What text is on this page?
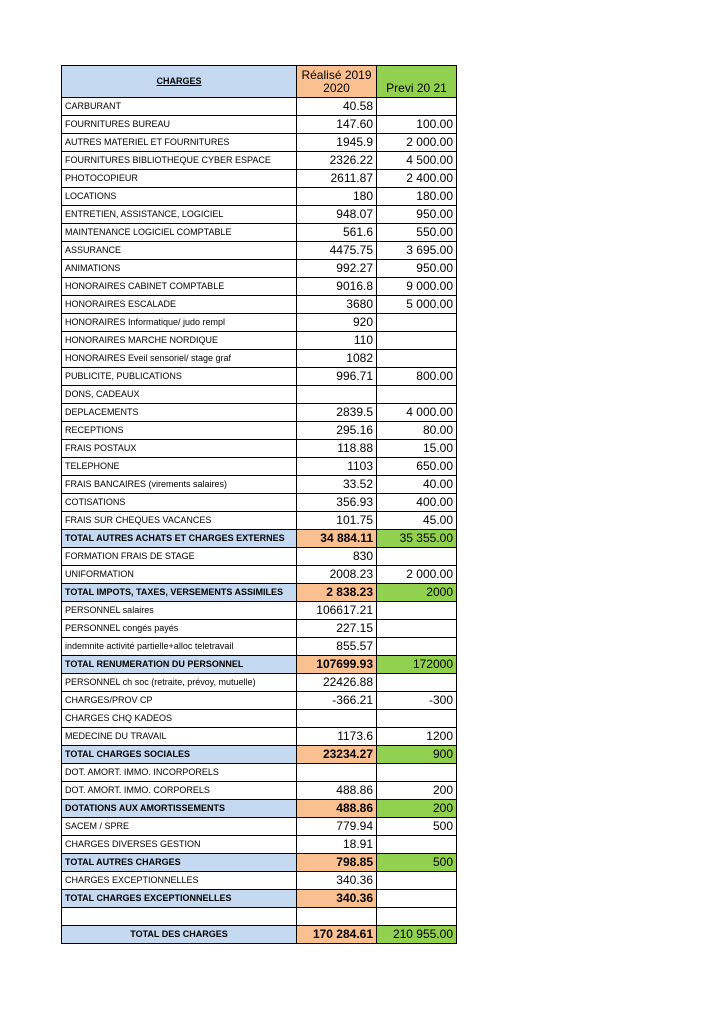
CHARGES	Réalisé 2019 2020	Previ 20 21
CARBURANT	40.58	
FOURNITURES BUREAU	147.60	100.00
AUTRES MATERIEL ET FOURNITURES	1945.9	2 000.00
FOURNITURES BIBLIOTHEQUE CYBER ESPACE	2326.22	4 500.00
PHOTOCOPIEUR	2611.87	2 400.00
LOCATIONS	180	180.00
ENTRETIEN, ASSISTANCE, LOGICIEL	948.07	950.00
MAINTENANCE LOGICIEL COMPTABLE	561.6	550.00
ASSURANCE	4475.75	3 695.00
ANIMATIONS	992.27	950.00
HONORAIRES CABINET COMPTABLE	9016.8	9 000.00
HONORAIRES ESCALADE	3680	5 000.00
HONORAIRES Informatique/ judo rempl	920	
HONORAIRES MARCHE NORDIQUE	110	
HONORAIRES Eveil sensoriel/ stage graf	1082	
PUBLICITE, PUBLICATIONS	996.71	800.00
DONS, CADEAUX		
DEPLACEMENTS	2839.5	4 000.00
RECEPTIONS	295.16	80.00
FRAIS POSTAUX	118.88	15.00
TELEPHONE	1103	650.00
FRAIS BANCAIRES (virements salaires)	33.52	40.00
COTISATIONS	356.93	400.00
FRAIS SUR CHEQUES VACANCES	101.75	45.00
TOTAL AUTRES ACHATS ET CHARGES EXTERNES	34 884.11	35 355.00
FORMATION FRAIS DE STAGE	830	
UNIFORMATION	2008.23	2 000.00
TOTAL IMPOTS, TAXES, VERSEMENTS ASSIMILES	2 838.23	2000
PERSONNEL salaires	106617.21	
PERSONNEL congés payés	227.15	
indemnite activité partielle+alloc teletravail	855.57	
TOTAL RENUMERATION DU PERSONNEL	107699.93	172000
PERSONNEL ch soc (retraite, prévoy, mutuelle)	22426.88	
CHARGES/PROV CP	-366.21	-300
CHARGES CHQ KADEOS		
MEDECINE DU TRAVAIL	1173.6	1200
TOTAL CHARGES SOCIALES	23234.27	900
DOT. AMORT. IMMO. INCORPORELS		
DOT. AMORT. IMMO. CORPORELS	488.86	200
DOTATIONS AUX AMORTISSEMENTS	488.86	200
SACEM / SPRE	779.94	500
CHARGES DIVERSES GESTION	18.91	
TOTAL AUTRES CHARGES	798.85	500
CHARGES EXCEPTIONNELLES	340.36	
TOTAL CHARGES EXCEPTIONNELLES	340.36	

TOTAL DES CHARGES	170 284.61	210 955.00
